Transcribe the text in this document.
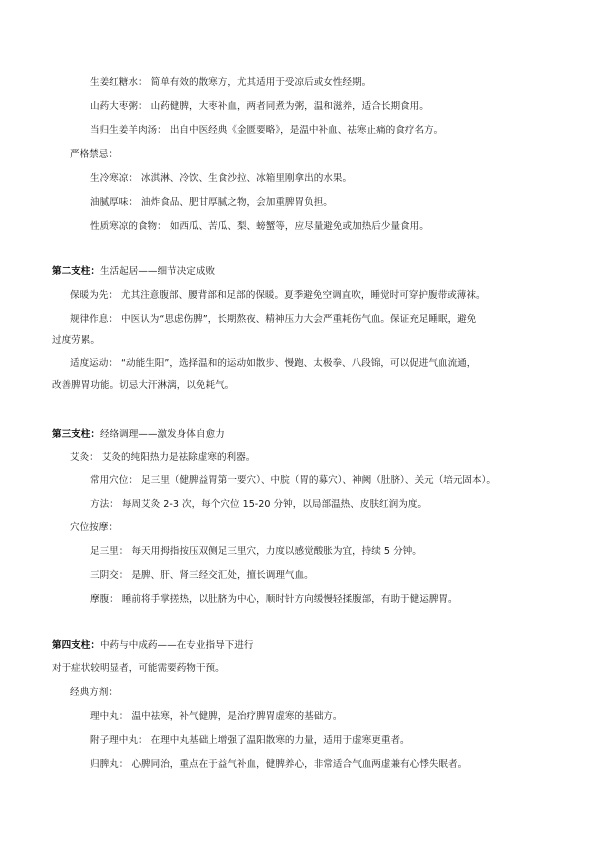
生姜红糖水： 简单有效的散寒方，尤其适用于受凉后或女性经期。
山药大枣粥： 山药健脾，大枣补血，两者同煮为粥，温和滋养，适合长期食用。
当归生姜羊肉汤： 出自中医经典《金匮要略》，是温中补血、祛寒止痛的食疗名方。
严格禁忌：
生冷寒凉： 冰淇淋、冷饮、生食沙拉、冰箱里刚拿出的水果。
油腻厚味： 油炸食品、肥甘厚腻之物，会加重脾胃负担。
性质寒凉的食物： 如西瓜、苦瓜、梨、螃蟹等，应尽量避免或加热后少量食用。
第二支柱：生活起居——细节决定成败
保暖为先： 尤其注意腹部、腰背部和足部的保暖。夏季避免空调直吹，睡觉时可穿护腹带或薄袜。
规律作息： 中医认为“思虑伤脾”，长期熬夜、精神压力大会严重耗伤气血。保证充足睡眠，避免
过度劳累。
适度运动： “动能生阳”，选择温和的运动如散步、慢跑、太极拳、八段锦，可以促进气血流通，
改善脾胃功能。切忌大汗淋漓，以免耗气。
第三支柱：经络调理——激发身体自愈力
艾灸： 艾灸的纯阳热力是祛除虚寒的利器。
常用穴位： 足三里（健脾益胃第一要穴）、中脘（胃的募穴）、神阙（肚脐）、关元（培元固本）。
方法： 每周艾灸 2-3 次，每个穴位 15-20 分钟，以局部温热、皮肤红润为度。
穴位按摩：
足三里： 每天用拇指按压双侧足三里穴，力度以感觉酸胀为宜，持续 5 分钟。
三阴交： 是脾、肝、肾三经交汇处，擅长调理气血。
摩腹： 睡前将手掌搓热，以肚脐为中心，顺时针方向缓慢轻揉腹部，有助于健运脾胃。
第四支柱：中药与中成药——在专业指导下进行
对于症状较明显者，可能需要药物干预。
经典方剂：
理中丸： 温中祛寒，补气健脾，是治疗脾胃虚寒的基础方。
附子理中丸： 在理中丸基础上增强了温阳散寒的力量，适用于虚寒更重者。
归脾丸： 心脾同治，重点在于益气补血，健脾养心，非常适合气血两虚兼有心悸失眠者。
